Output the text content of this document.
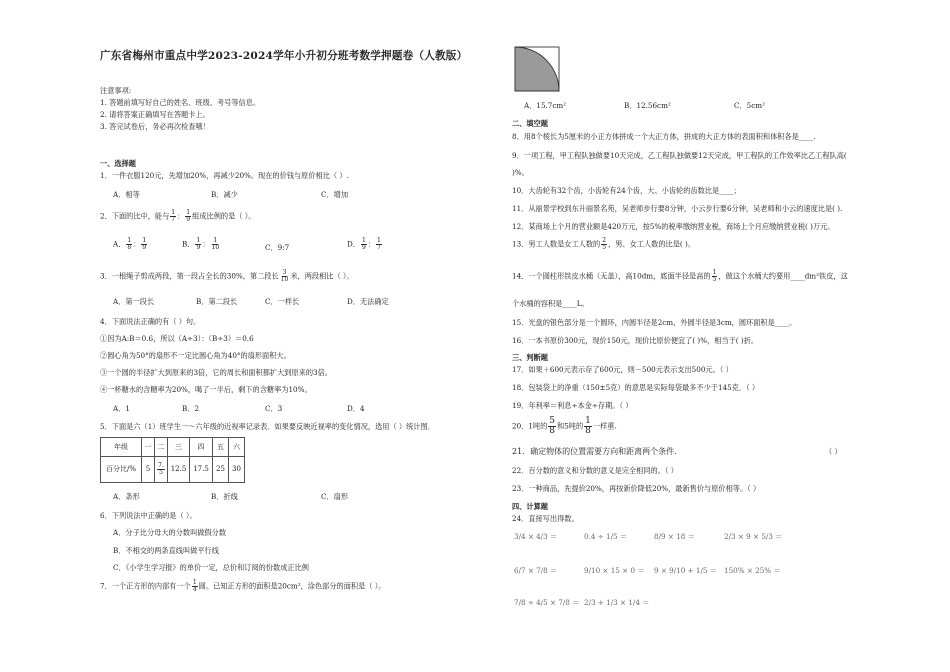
广东省梅州市重点中学2023-2024学年小升初分班考数学押题卷（人教版）
注意事项:
1. 答题前填写好自己的姓名、班级、考号等信息。
2. 请将答案正确填写在答题卡上。
3. 答完试卷后，务必再次检查哦！
一、选择题
1．一件衣服120元，先增加20%，再减少20%。现在的价钱与原价相比（ ）.
A．相等	B．减少	C．增加
2．下面的比中，能与 $\frac{1}{7}$ ： $\frac{1}{9}$ 组成比例的是（ ）。
A． $\frac{1}{8}$ ： $\frac{1}{9}$	B． $\frac{1}{9}$ ： $\frac{1}{10}$	C．9:7	D． $\frac{1}{9}$ ： $\frac{1}{7}$
3．一根绳子剪成两段，第一段占全长的30%，第二段长 $\frac{3}{10}$ 米，两段相比（ ）。
A．第一段长	B．第二段长	C．一样长	D．无法确定
4．下面说法正确的有（ ）句。
①因为A:B＝0.6，所以（A÷3）：（B÷3）＝0.6
②圆心角为50°的扇形不一定比圆心角为40°的扇形面积大。
③一个圆的半径扩大到原来的3倍，它的周长和面积都扩大到原来的3倍。
④一杯糖水的含糖率为20%，喝了一半后，剩下的含糖率为10%。
A．1	B．2	C．3	D．4
5．下面是六（1）班学生一～六年级的近视率记录表．如果要反映近视率的变化情况，选用（ ）统计图．
年级	一	二	三	四	五	六
百分比/%	5	$\frac{7.}{5}$	12.5	17.5	25	30
A．条形	B．折线	C．扇形
6．下列说法中正确的是（ ）。
A．分子比分母大的分数叫做假分数
B．不相交的两条直线叫做平行线
C．《小学生学习报》的单价一定，总价和订阅的份数成正比例
7．一个正方形的内部有一个 $\frac{1}{4}$ 圆。已知正方形的面积是20cm²，涂色部分的面积是（ ）。
A．15.7cm²	B．12.56cm²	C．5cm²
二、填空题
8．用8个棱长为5厘米的小正方体拼成一个大正方体，拼成的大正方体的表面积和体积各是____.
9．一项工程，甲工程队独做要10天完成，乙工程队独做要12天完成，甲工程队的工作效率比乙工程队高(
)%。
10．大齿轮有32个齿，小齿轮有24个齿，大、小齿轮的齿数比是____；
11．从丽景学校到东升丽景名苑，吴老师步行要8分钟，小云步行要6分钟，吴老师和小云的速度比是( ).
12．某商场上个月的营业额是420万元，按5%的税率缴纳营业税，商场上个月应缴纳营业税( )万元。
13．男工人数是女工人数的 $\frac{2}{5}$ ，男、女工人数的比是( )。
14．一个圆柱形铁皮水桶（无盖），高10dm，底面半径是高的 $\frac{1}{5}$ ，做这个水桶大约要用____dm²铁皮，这
个水桶的容积是____L。
15．光盘的银色部分是一个圆环，内圆半径是2cm，外圆半径是3cm，圆环面积是____。
16．一本书原价300元，现价150元，现价比原价便宜了( )%，相当于( )折。
三、判断题
17．如果＋600元表示存了600元，则－500元表示支出500元。（ ）
18．包装袋上的净重（150±5克）的意思是实际每袋最多不少于145克．（ ）
19．年利率＝利息÷本金÷存期。（ ）
20．1吨的 $\frac{5}{8}$ 和5吨的 $\frac{1}{8}$ 一样重.
21．确定物体的位置需要方向和距离两个条件.	（ ）
22．百分数的意义和分数的意义是完全相同的。（ ）
23．一种商品，先提价20%，再按新价降低20%，最新售价与原价相等。（ ）
四、计算题
24．直接写出得数。
3/4 × 4/3 ＝	0.4 ÷ 1/5 ＝	8/9 × 18 ＝	2/3 × 9 × 5/3 ＝
6/7 × 7/8 ＝	9/10 × 15 × 0 ＝ 9 × 9/10 + 1/5 ＝ 150% × 25% ＝
7/8 ÷ 4/5 × 7/8 ＝ 2/3 + 1/3 × 1/4 ＝
